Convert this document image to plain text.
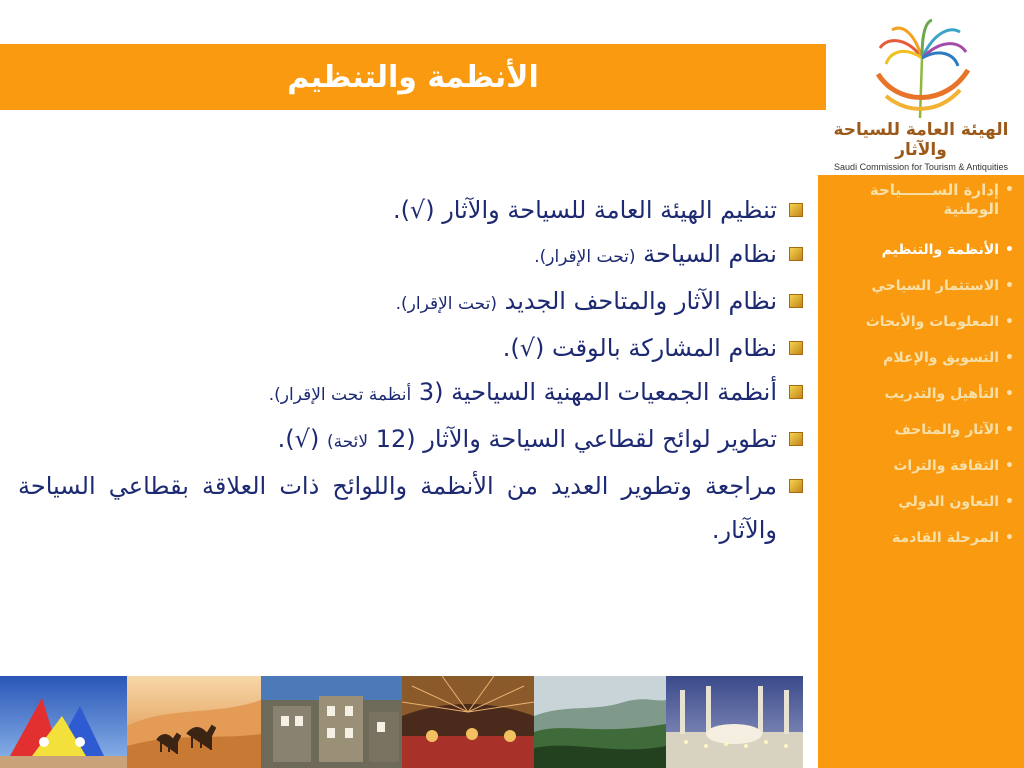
الأنظمة والتنظيم
الهيئة العامة للسياحة والآثار
Saudi Commission for Tourism & Antiquities
•
إدارة الســــــياحة الوطنية
•
الأنظمة والتنظيم
•
الاستثمار السياحي
•
المعلومات والأبحاث
•
التسويق والإعلام
•
التأهيل والتدريب
•
الآثار والمتاحف
•
الثقافة والتراث
•
التعاون الدولي
•
المرحلة القادمة
تنظيم الهيئة العامة للسياحة والآثار (√).
نظام السياحة (تحت الإقرار).
نظام الآثار والمتاحف الجديد (تحت الإقرار).
نظام المشاركة بالوقت (√).
أنظمة الجمعيات المهنية السياحية (3 أنظمة تحت الإقرار).
تطوير لوائح لقطاعي السياحة والآثار (12 لائحة) (√).
مراجعة وتطوير العديد من الأنظمة واللوائح ذات العلاقة بقطاعي السياحة والآثار.
